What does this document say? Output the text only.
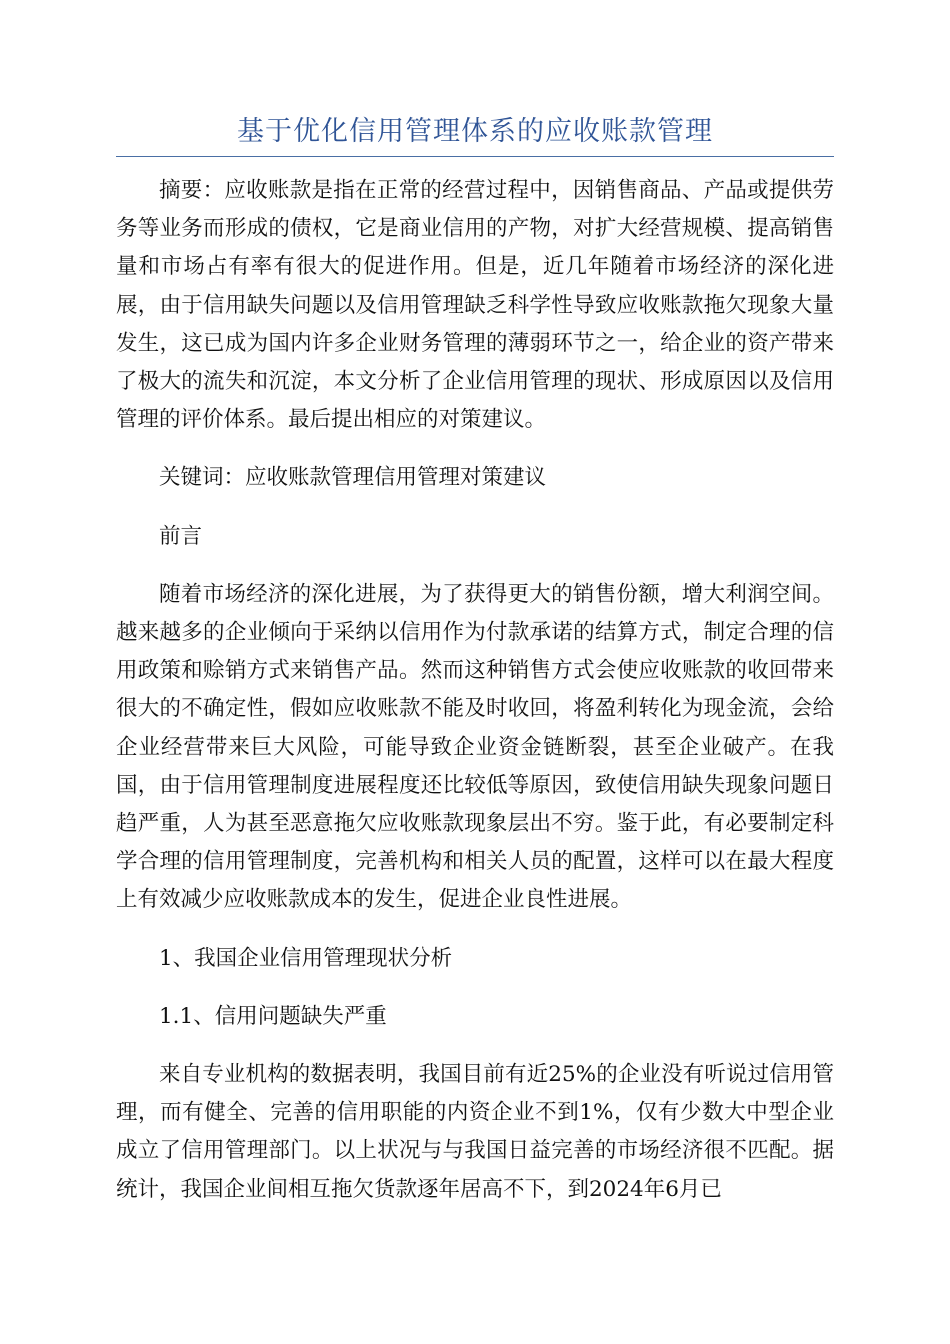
基于优化信用管理体系的应收账款管理

摘要：应收账款是指在正常的经营过程中，因销售商品、产品或提供劳务等业务而形成的债权，它是商业信用的产物，对扩大经营规模、提高销售量和市场占有率有很大的促进作用。但是，近几年随着市场经济的深化进展，由于信用缺失问题以及信用管理缺乏科学性导致应收账款拖欠现象大量发生，这已成为国内许多企业财务管理的薄弱环节之一，给企业的资产带来了极大的流失和沉淀，本文分析了企业信用管理的现状、形成原因以及信用管理的评价体系。最后提出相应的对策建议。

关键词：应收账款管理信用管理对策建议

前言

随着市场经济的深化进展，为了获得更大的销售份额，增大利润空间。越来越多的企业倾向于采纳以信用作为付款承诺的结算方式，制定合理的信用政策和赊销方式来销售产品。然而这种销售方式会使应收账款的收回带来很大的不确定性，假如应收账款不能及时收回，将盈利转化为现金流，会给企业经营带来巨大风险，可能导致企业资金链断裂，甚至企业破产。在我国，由于信用管理制度进展程度还比较低等原因，致使信用缺失现象问题日趋严重，人为甚至恶意拖欠应收账款现象层出不穷。鉴于此，有必要制定科学合理的信用管理制度，完善机构和相关人员的配置，这样可以在最大程度上有效减少应收账款成本的发生，促进企业良性进展。

1、我国企业信用管理现状分析

1.1、信用问题缺失严重

来自专业机构的数据表明，我国目前有近25%的企业没有听说过信用管理，而有健全、完善的信用职能的内资企业不到1%，仅有少数大中型企业成立了信用管理部门。以上状况与与我国日益完善的市场经济很不匹配。据统计，我国企业间相互拖欠货款逐年居高不下，到2024年6月已
